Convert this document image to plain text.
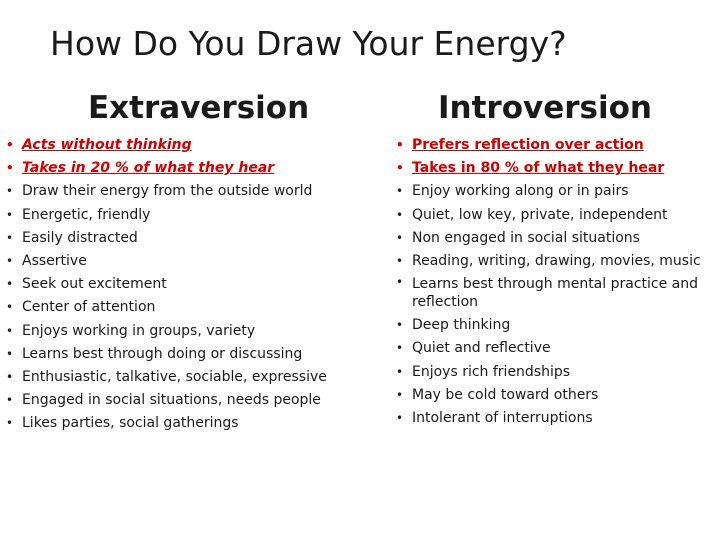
How Do You Draw Your Energy?
Extraversion
• Acts without thinking
• Takes in 20 % of what they hear
• Draw their energy from the outside world
• Energetic, friendly
• Easily distracted
• Assertive
• Seek out excitement
• Center of attention
• Enjoys working in groups, variety
• Learns best through doing or discussing
• Enthusiastic, talkative, sociable, expressive
• Engaged in social situations, needs people
• Likes parties, social gatherings
Introversion
• Prefers reflection over action
• Takes in 80 % of what they hear
• Enjoy working along or in pairs
• Quiet, low key, private, independent
• Non engaged in social situations
• Reading, writing, drawing, movies, music
• Learns best through mental practice and reflection
• Deep thinking
• Quiet and reflective
• Enjoys rich friendships
• May be cold toward others
• Intolerant of interruptions
